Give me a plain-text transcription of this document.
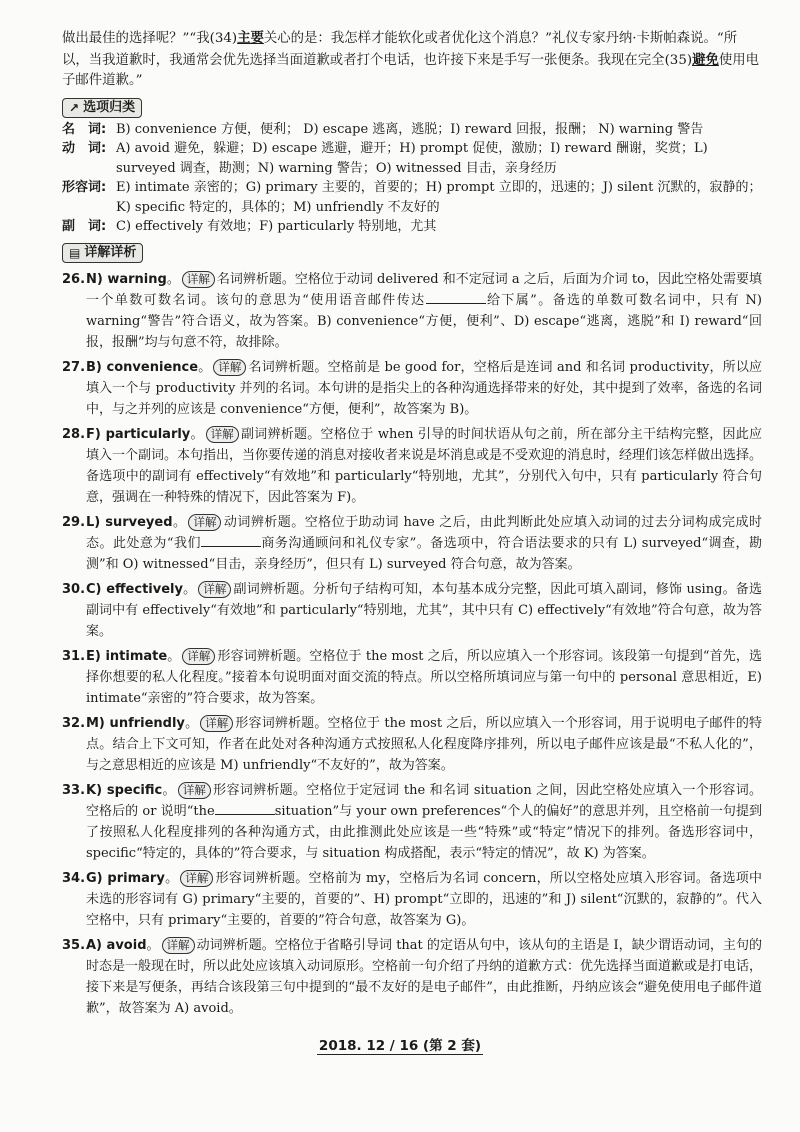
做出最佳的选择呢？”“我(34)主要关心的是：我怎样才能软化或者优化这个消息？”礼仪专家丹纳·卡斯帕森说。“所以，当我道歉时，我通常会优先选择当面道歉或者打个电话，也许接下来是手写一张便条。我现在完全(35)避免使用电子邮件道歉。”

↗ 选项归类
名　词: B) convenience 方便，便利； D) escape 逃离，逃脱；I) reward 回报，报酬； N) warning 警告
动　词: A) avoid 避免，躲避；D) escape 逃避，避开；H) prompt 促使，激励；I) reward 酬谢，奖赏；L) surveyed 调查，勘测；N) warning 警告；O) witnessed 目击，亲身经历
形容词: E) intimate 亲密的；G) primary 主要的，首要的；H) prompt 立即的，迅速的；J) silent 沉默的，寂静的；K) specific 特定的，具体的；M) unfriendly 不友好的
副　词: C) effectively 有效地；F) particularly 特别地，尤其
▤ 详解详析
26. N) warning。 详解 名词辨析题。空格位于动词 delivered 和不定冠词 a 之后，后面为介词 to，因此空格处需要填一个单数可数名词。该句的意思为“使用语音邮件传达	给下属”。备选的单数可数名词中，只有 N) warning“警告”符合语义，故为答案。B) convenience“方便，便利”、D) escape“逃离，逃脱”和 I) reward“回报，报酬”均与句意不符，故排除。
27. B) convenience。 详解 名词辨析题。空格前是 be good for，空格后是连词 and 和名词 productivity，所以应填入一个与 productivity 并列的名词。本句讲的是指尖上的各种沟通选择带来的好处，其中提到了效率，备选的名词中，与之并列的应该是 convenience“方便，便利”，故答案为 B)。
28. F) particularly。 详解 副词辨析题。空格位于 when 引导的时间状语从句之前，所在部分主干结构完整，因此应填入一个副词。本句指出，当你要传递的消息对接收者来说是坏消息或是不受欢迎的消息时，经理们该怎样做出选择。备选项中的副词有 effectively“有效地”和 particularly“特别地，尤其”，分别代入句中，只有 particularly 符合句意，强调在一种特殊的情况下，因此答案为 F)。
29. L) surveyed。 详解 动词辨析题。空格位于助动词 have 之后，由此判断此处应填入动词的过去分词构成完成时态。此处意为“我们	商务沟通顾问和礼仪专家”。备选项中，符合语法要求的只有 L) surveyed“调查，勘测”和 O) witnessed“目击，亲身经历”，但只有 L) surveyed 符合句意，故为答案。
30. C) effectively。 详解 副词辨析题。分析句子结构可知，本句基本成分完整，因此可填入副词，修饰 using。备选副词中有 effectively“有效地”和 particularly“特别地，尤其”，其中只有 C) effectively“有效地”符合句意，故为答案。
31. E) intimate。 详解 形容词辨析题。空格位于 the most 之后，所以应填入一个形容词。该段第一句提到“首先，选择你想要的私人化程度。”接着本句说明面对面交流的特点。所以空格所填词应与第一句中的 personal 意思相近，E) intimate“亲密的”符合要求，故为答案。
32. M) unfriendly。 详解 形容词辨析题。空格位于 the most 之后，所以应填入一个形容词，用于说明电子邮件的特点。结合上下文可知，作者在此处对各种沟通方式按照私人化程度降序排列，所以电子邮件应该是最“不私人化的”，与之意思相近的应该是 M) unfriendly“不友好的”，故为答案。
33. K) specific。 详解 形容词辨析题。空格位于定冠词 the 和名词 situation 之间，因此空格处应填入一个形容词。空格后的 or 说明“the	situation”与 your own preferences“个人的偏好”的意思并列，且空格前一句提到了按照私人化程度排列的各种沟通方式，由此推测此处应该是一些“特殊”或“特定”情况下的排列。备选形容词中，specific“特定的，具体的”符合要求，与 situation 构成搭配，表示“特定的情况”，故 K) 为答案。
34. G) primary。 详解 形容词辨析题。空格前为 my，空格后为名词 concern，所以空格处应填入形容词。备选项中未选的形容词有 G) primary“主要的，首要的”、H) prompt“立即的，迅速的”和 J) silent“沉默的，寂静的”。代入空格中，只有 primary“主要的，首要的”符合句意，故答案为 G)。
35. A) avoid。 详解 动词辨析题。空格位于省略引导词 that 的定语从句中，该从句的主语是 I，缺少谓语动词，主句的时态是一般现在时，所以此处应该填入动词原形。空格前一句介绍了丹纳的道歉方式：优先选择当面道歉或是打电话，接下来是写便条，再结合该段第三句中提到的“最不友好的是电子邮件”，由此推断，丹纳应该会“避免使用电子邮件道歉”，故答案为 A) avoid。
2018. 12 / 16 (第 2 套)
